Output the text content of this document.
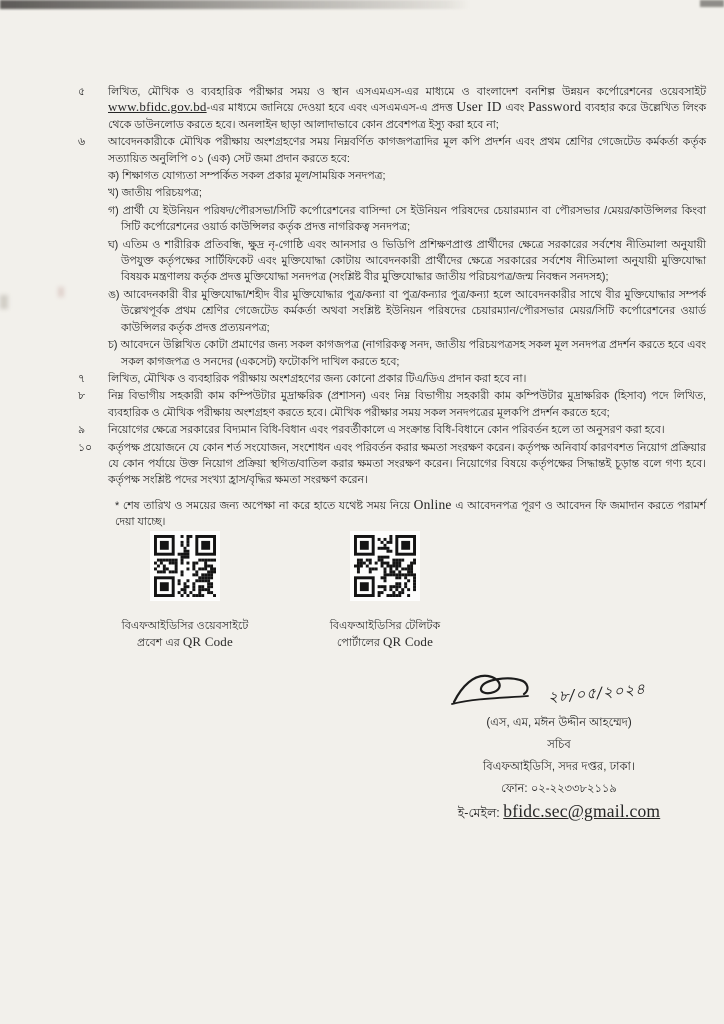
৫	লিখিত, মৌখিক ও ব্যবহারিক পরীক্ষার সময় ও স্থান এসএমএস-এর মাধ্যমে ও বাংলাদেশ বনশিল্প উন্নয়ন কর্পোরেশনের ওয়েবসাইট www.bfidc.gov.bd-এর মাধ্যমে জানিয়ে দেওয়া হবে এবং এসএমএস-এ প্রদত্ত User ID এবং Password ব্যবহার করে উল্লেখিত লিংক থেকে ডাউনলোড করতে হবে। অনলাইন ছাড়া আলাদাভাবে কোন প্রবেশপত্র ইস্যু করা হবে না;
৬	আবেদনকারীকে মৌখিক পরীক্ষায় অংশগ্রহণের সময় নিম্নবর্ণিত কাগজপত্রাদির মূল কপি প্রদর্শন এবং প্রথম শ্রেণির গেজেটেড কর্মকর্তা কর্তৃক সত্যায়িত অনুলিপি ০১ (এক) সেট জমা প্রদান করতে হবে:
ক) শিক্ষাগত যোগ্যতা সম্পর্কিত সকল প্রকার মূল/সাময়িক সনদপত্র;
খ) জাতীয় পরিচয়পত্র;
গ) প্রার্থী যে ইউনিয়ন পরিষদ/পৌরসভা/সিটি কর্পোরেশনের বাসিন্দা সে ইউনিয়ন পরিষদের চেয়ারম্যান বা পৌরসভার /মেয়র/কাউন্সিলর কিংবা সিটি কর্পোরেশনের ওয়ার্ড কাউন্সিলর কর্তৃক প্রদত্ত নাগরিকত্ব সনদপত্র;
ঘ) এতিম ও শারীরিক প্রতিবন্ধি, ক্ষুদ্র নৃ-গোষ্ঠি এবং আনসার ও ভিডিপি প্রশিক্ষণপ্রাপ্ত প্রার্থীদের ক্ষেত্রে সরকারের সর্বশেষ নীতিমালা অনুযায়ী উপযুক্ত কর্তৃপক্ষের সার্টিফিকেট এবং মুক্তিযোদ্ধা কোটায় আবেদনকারী প্রার্থীদের ক্ষেত্রে সরকারের সর্বশেষ নীতিমালা অনুযায়ী মুক্তিযোদ্ধা বিষয়ক মন্ত্রণালয় কর্তৃক প্রদত্ত মুক্তিযোদ্ধা সনদপত্র (সংশ্লিষ্ট বীর মুক্তিযোদ্ধার জাতীয় পরিচয়পত্র/জন্ম নিবন্ধন সনদসহ);
ঙ) আবেদনকারী বীর মুক্তিযোদ্ধা/শহীদ বীর মুক্তিযোদ্ধার পুত্র/কন্যা বা পুত্র/কন্যার পুত্র/কন্যা হলে আবেদনকারীর সাথে বীর মুক্তিযোদ্ধার সম্পর্ক উল্লেখপূর্বক প্রথম শ্রেণির গেজেটেড কর্মকর্তা অথবা সংশ্লিষ্ট ইউনিয়ন পরিষদের চেয়ারম্যান/পৌরসভার মেয়র/সিটি কর্পোরেশনের ওয়ার্ড কাউন্সিলর কর্তৃক প্রদত্ত প্রত্যয়নপত্র;
চ) আবেদনে উল্লিখিত কোটা প্রমাণের জন্য সকল কাগজপত্র (নাগরিকত্ব সনদ, জাতীয় পরিচয়পত্রসহ সকল মূল সনদপত্র প্রদর্শন করতে হবে এবং সকল কাগজপত্র ও সনদের (একসেট) ফটোকপি দাখিল করতে হবে;
৭	লিখিত, মৌখিক ও ব্যবহারিক পরীক্ষায় অংশগ্রহণের জন্য কোনো প্রকার টিএ/ডিএ প্রদান করা হবে না।
৮	নিম্ন বিভাগীয় সহকারী কাম কম্পিউটার মুদ্রাক্ষরিক (প্রশাসন) এবং নিম্ন বিভাগীয় সহকারী কাম কম্পিউটার মুদ্রাক্ষরিক (হিসাব) পদে লিখিত, ব্যবহারিক ও মৌখিক পরীক্ষায় অংশগ্রহণ করতে হবে। মৌখিক পরীক্ষার সময় সকল সনদপত্রের মূলকপি প্রদর্শন করতে হবে;
৯	নিয়োগের ক্ষেত্রে সরকারের বিদ্যমান বিধি-বিধান এবং পরবর্তীকালে এ সংক্রান্ত বিধি-বিধানে কোন পরিবর্তন হলে তা অনুসরণ করা হবে।
১০	কর্তৃপক্ষ প্রয়োজনে যে কোন শর্ত সংযোজন, সংশোধন এবং পরিবর্তন করার ক্ষমতা সংরক্ষণ করেন। কর্তৃপক্ষ অনিবার্য কারণবশত নিয়োগ প্রক্রিয়ার যে কোন পর্যায়ে উক্ত নিয়োগ প্রক্রিয়া স্থগিত/বাতিল করার ক্ষমতা সংরক্ষণ করেন। নিয়োগের বিষয়ে কর্তৃপক্ষের সিদ্ধান্তই চূড়ান্ত বলে গণ্য হবে। কর্তৃপক্ষ সংশ্লিষ্ট পদের সংখ্যা হ্রাস/বৃদ্ধির ক্ষমতা সংরক্ষণ করেন।
* শেষ তারিখ ও সময়ের জন্য অপেক্ষা না করে হাতে যথেষ্ট সময় নিয়ে Online এ আবেদনপত্র পূরণ ও আবেদন ফি জমাদান করতে পরামর্শ দেয়া যাচ্ছে।
বিএফআইডিসির ওয়েবসাইটে
প্রবেশ এর QR Code
বিএফআইডিসির টেলিটক
পোর্টালের QR Code
২৮/০৫/২০২৪
(এস, এম, মঈন উদ্দীন আহম্মেদ)
সচিব
বিএফআইডিসি, সদর দপ্তর, ঢাকা।
ফোন: ০২-২২৩৩৮২১১৯
ই-মেইল: bfidc.sec@gmail.com
